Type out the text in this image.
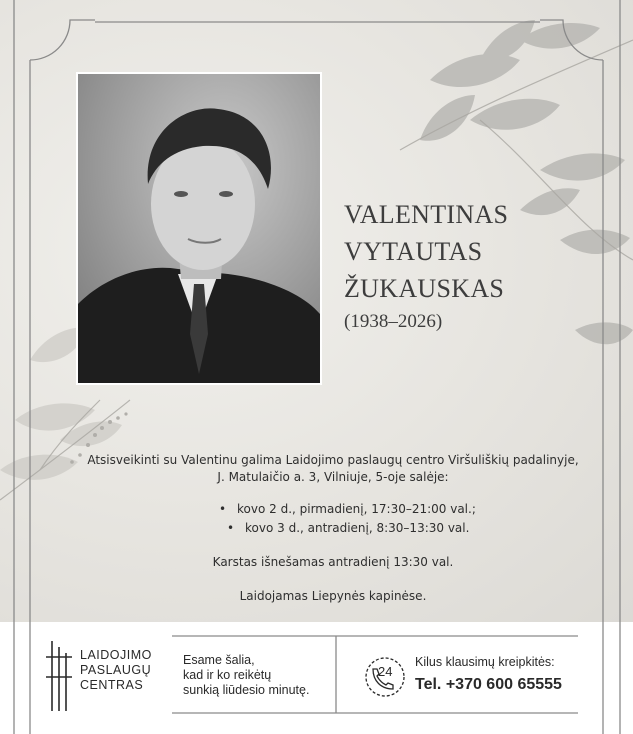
VALENTINAS
VYTAUTAS
ŽUKAUSKAS
(1938–2026)
Atsisveikinti su Valentinu galima Laidojimo paslaugų centro Viršuliškių padalinyje,
J. Matulaičio a. 3, Vilniuje, 5-oje salėje:
• kovo 2 d., pirmadienį, 17:30–21:00 val.;
• kovo 3 d., antradienį, 8:30–13:30 val.
Karstas išnešamas antradienį 13:30 val.
Laidojamas Liepynės kapinėse.
24
LAIDOJIMO
PASLAUGŲ
CENTRAS
Esame šalia,
kad ir ko reikėtų
sunkią liūdesio minutę.
Kilus klausimų kreipkitės:
Tel. +370 600 65555
